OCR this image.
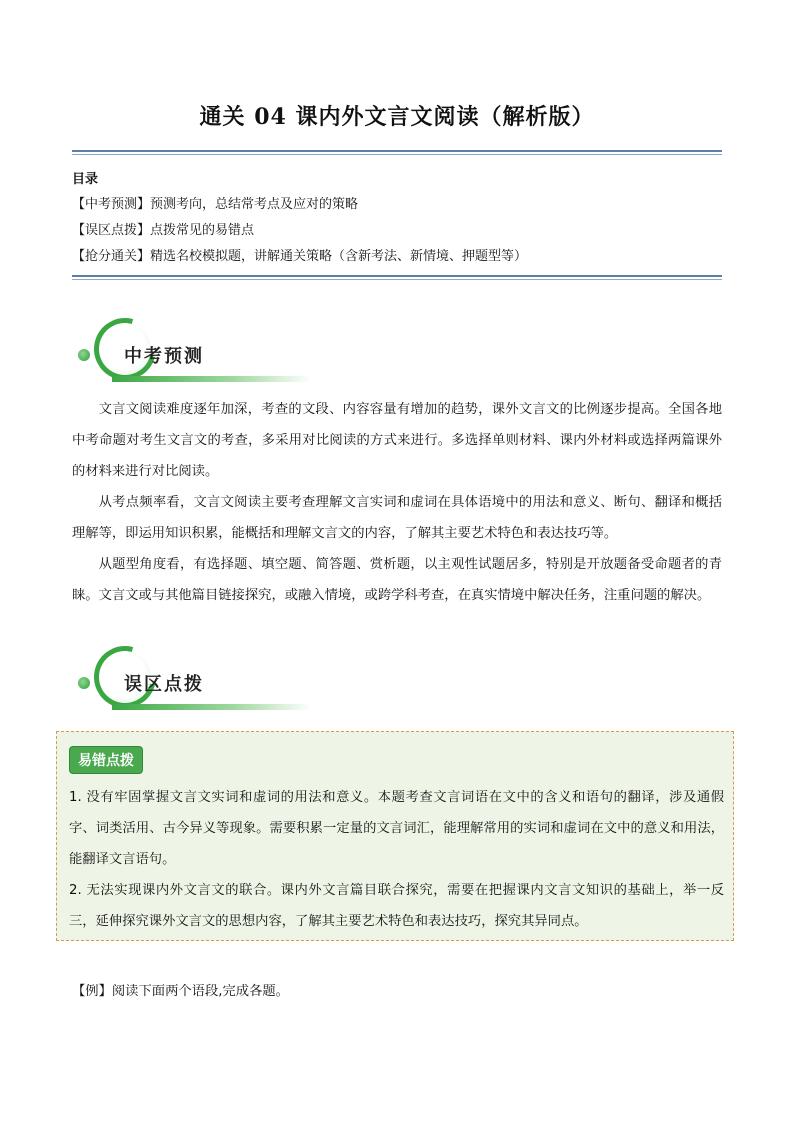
通关 04 课内外文言文阅读（解析版）
目录
【中考预测】预测考向，总结常考点及应对的策略
【误区点拨】点拨常见的易错点
【抢分通关】精选名校模拟题，讲解通关策略（含新考法、新情境、押题型等）
中考预测

文言文阅读难度逐年加深，考查的文段、内容容量有增加的趋势，课外文言文的比例逐步提高。全国各地中考命题对考生文言文的考查，多采用对比阅读的方式来进行。多选择单则材料、课内外材料或选择两篇课外的材料来进行对比阅读。

从考点频率看，文言文阅读主要考查理解文言实词和虚词在具体语境中的用法和意义、断句、翻译和概括理解等，即运用知识积累，能概括和理解文言文的内容，了解其主要艺术特色和表达技巧等。

从题型角度看，有选择题、填空题、简答题、赏析题，以主观性试题居多，特别是开放题备受命题者的青睐。文言文或与其他篇目链接探究，或融入情境，或跨学科考查，在真实情境中解决任务，注重问题的解决。

误区点拨
易错点拨

1. 没有牢固掌握文言文实词和虚词的用法和意义。本题考查文言词语在文中的含义和语句的翻译，涉及通假字、词类活用、古今异义等现象。需要积累一定量的文言词汇，能理解常用的实词和虚词在文中的意义和用法，能翻译文言语句。

2. 无法实现课内外文言文的联合。课内外文言篇目联合探究，需要在把握课内文言文知识的基础上，举一反三，延伸探究课外文言文的思想内容，了解其主要艺术特色和表达技巧，探究其异同点。

【例】阅读下面两个语段,完成各题。
